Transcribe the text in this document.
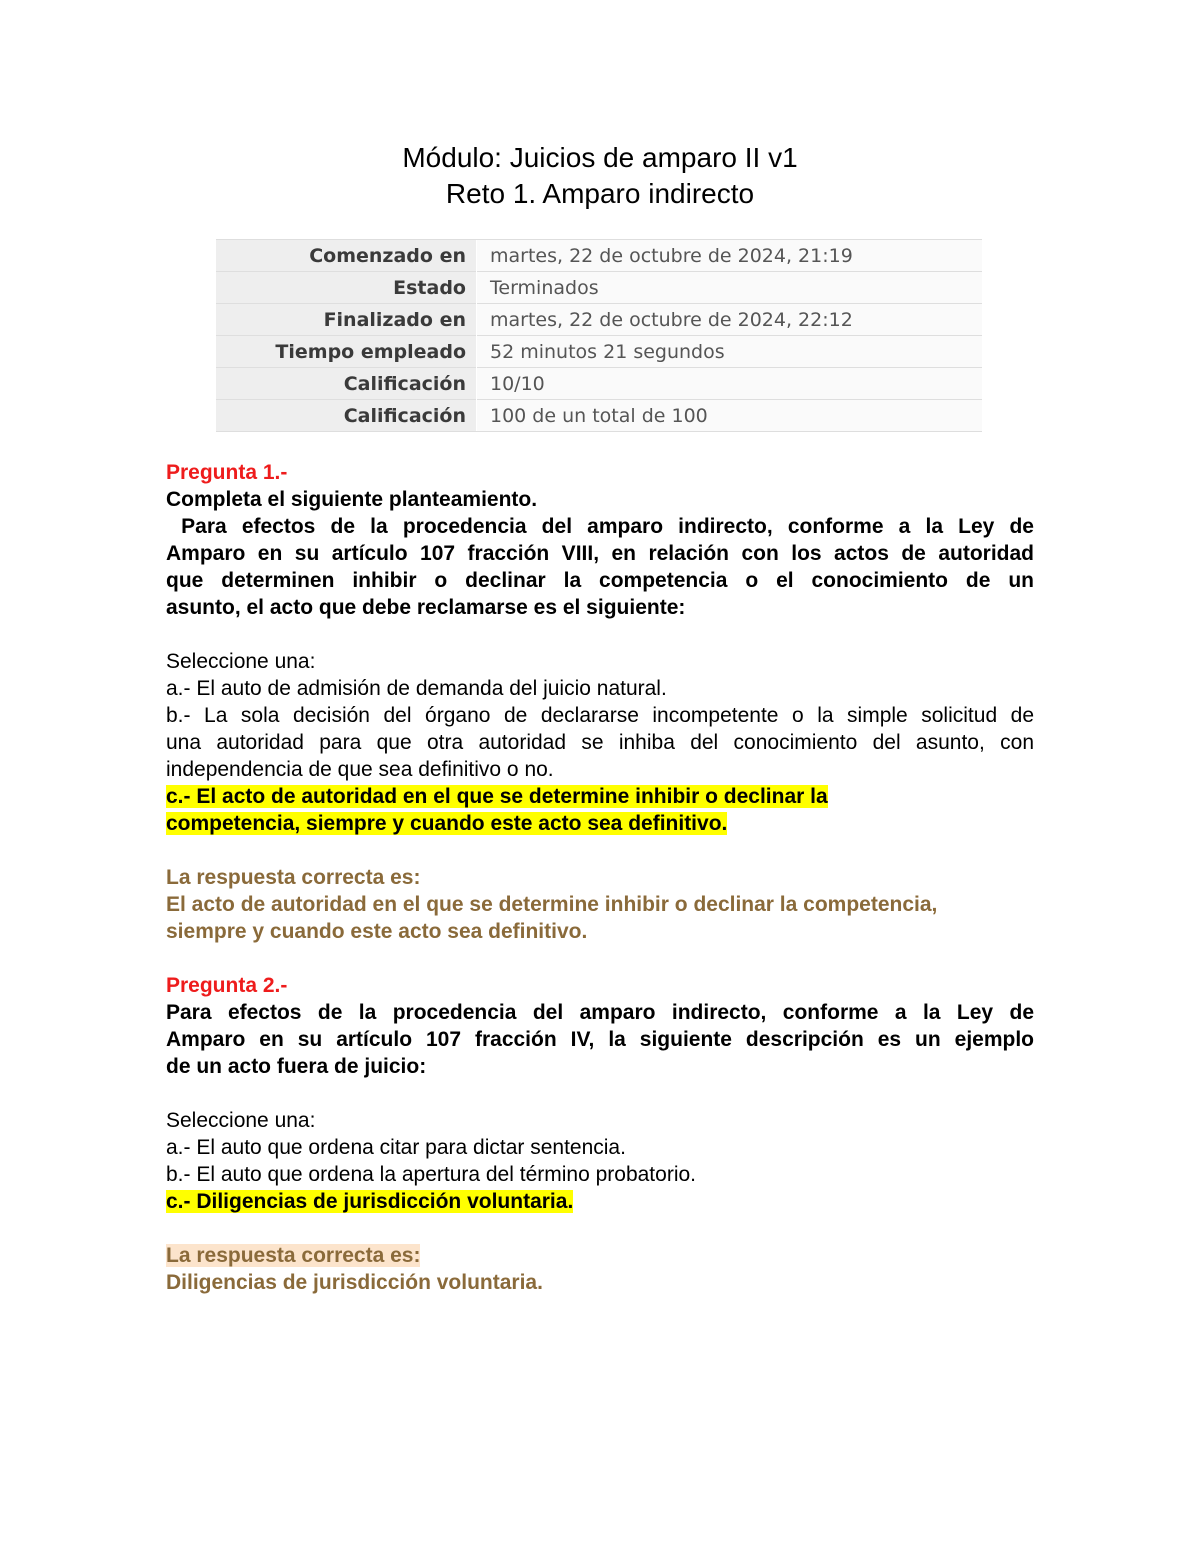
Módulo: Juicios de amparo II v1
Reto 1. Amparo indirecto
Comenzado en	martes, 22 de octubre de 2024, 21:19
Estado	Terminados
Finalizado en	martes, 22 de octubre de 2024, 22:12
Tiempo empleado	52 minutos 21 segundos
Calificación	10/10
Calificación	100 de un total de 100

Pregunta 1.-

Completa el siguiente planteamiento.

Para efectos de la procedencia del amparo indirecto, conforme a la Ley de

Amparo en su artículo 107 fracción VIII, en relación con los actos de autoridad

que determinen inhibir o declinar la competencia o el conocimiento de un

asunto, el acto que debe reclamarse es el siguiente:

Seleccione una:

a.- El auto de admisión de demanda del juicio natural.

b.- La sola decisión del órgano de declararse incompetente o la simple solicitud de

una autoridad para que otra autoridad se inhiba del conocimiento del asunto, con

independencia de que sea definitivo o no.

c.- El acto de autoridad en el que se determine inhibir o declinar la

competencia, siempre y cuando este acto sea definitivo.

La respuesta correcta es:

El acto de autoridad en el que se determine inhibir o declinar la competencia,

siempre y cuando este acto sea definitivo.

Pregunta 2.-

Para efectos de la procedencia del amparo indirecto, conforme a la Ley de

Amparo en su artículo 107 fracción IV, la siguiente descripción es un ejemplo

de un acto fuera de juicio:

Seleccione una:

a.- El auto que ordena citar para dictar sentencia.

b.- El auto que ordena la apertura del término probatorio.

c.- Diligencias de jurisdicción voluntaria.

La respuesta correcta es:

Diligencias de jurisdicción voluntaria.
